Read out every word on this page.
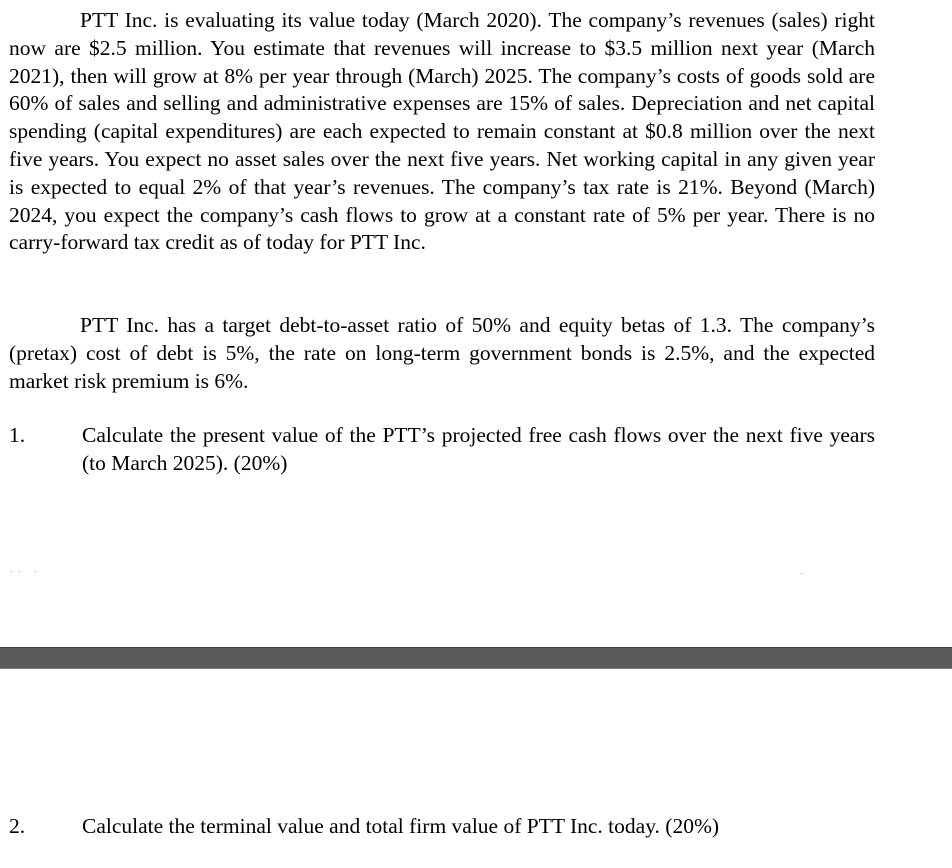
PTT Inc. is evaluating its value today (March 2020). The company’s revenues (sales) right now are $2.5 million. You estimate that revenues will increase to $3.5 million next year (March 2021), then will grow at 8% per year through (March) 2025. The company’s costs of goods sold are 60% of sales and selling and administrative expenses are 15% of sales. Depreciation and net capital spending (capital expenditures) are each expected to remain constant at $0.8 million over the next five years. You expect no asset sales over the next five years. Net working capital in any given year is expected to equal 2% of that year’s revenues. The company’s tax rate is 21%. Beyond (March) 2024, you expect the company’s cash flows to grow at a constant rate of 5% per year. There is no carry-forward tax credit as of today for PTT Inc.

PTT Inc. has a target debt-to-asset ratio of 50% and equity betas of 1.3. The company’s (pretax) cost of debt is 5%, the rate on long-term government bonds is 2.5%, and the expected market risk premium is 6%.

1.	Calculate the present value of the PTT’s projected free cash flows over the next five years (to March 2025). (20%)
2.	Calculate the terminal value and total firm value of PTT Inc. today. (20%)
